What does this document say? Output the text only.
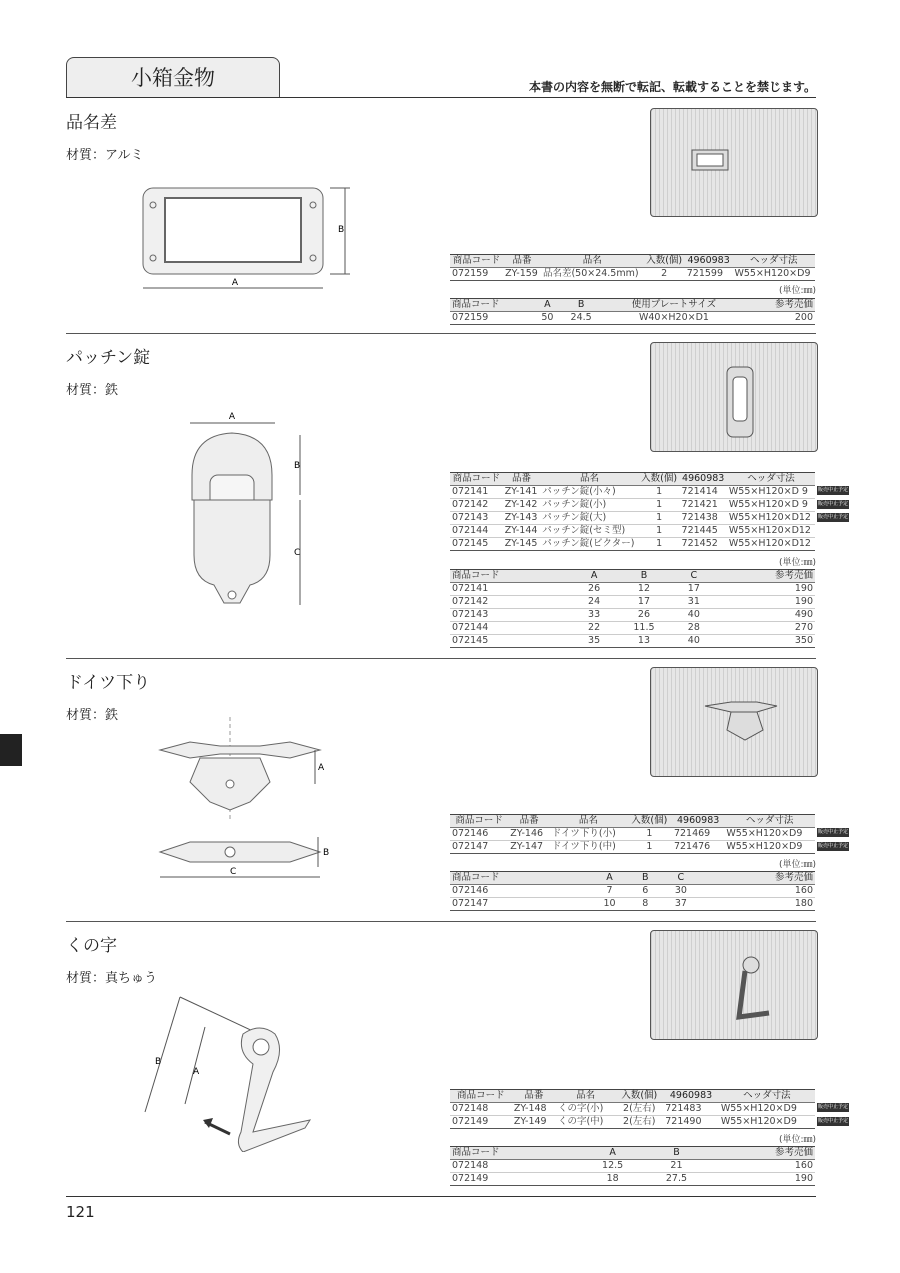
小箱金物	本書の内容を無断で転記、転載することを禁じます。
品名差
材質：アルミ
A
B
商品コード	品番	品名	入数(個)	4960983	ヘッダ寸法
072159	ZY-159	品名差(50×24.5mm)	2	721599	W55×H120×D9
(単位:㎜)
商品コード	A	B	使用プレートサイズ	参考売価
072159	50	24.5	W40×H20×D1	200
パッチン錠
材質：鉄
A
B
C
商品コード	品番	品名	入数(個)	4960983	ヘッダ寸法
072141	ZY-141	パッチン錠(小々)	1	721414	W55×H120×D 9
072142	ZY-142	パッチン錠(小)	1	721421	W55×H120×D 9
072143	ZY-143	パッチン錠(大)	1	721438	W55×H120×D12
072144	ZY-144	パッチン錠(セミ型)	1	721445	W55×H120×D12
072145	ZY-145	パッチン錠(ビクター)	1	721452	W55×H120×D12
販売中止予定
販売中止予定
販売中止予定
(単位:㎜)
商品コード	A	B	C	参考売価
072141	26	12	17	190
072142	24	17	31	190
072143	33	26	40	490
072144	22	11.5	28	270
072145	35	13	40	350
ドイツ下り
材質：鉄
A
B
C
商品コード	品番	品名	入数(個)	4960983	ヘッダ寸法
072146	ZY-146	ドイツ下り(小)	1	721469	W55×H120×D9
072147	ZY-147	ドイツ下り(中)	1	721476	W55×H120×D9
販売中止予定
販売中止予定
(単位:㎜)
商品コード	A	B	C	参考売価
072146	7	6	30	160
072147	10	8	37	180
くの字
材質：真ちゅう
B
A
商品コード	品番	品名	入数(個)	4960983	ヘッダ寸法
072148	ZY-148	くの字(小)	2(左右)	721483	W55×H120×D9
072149	ZY-149	くの字(中)	2(左右)	721490	W55×H120×D9
販売中止予定
販売中止予定
(単位:㎜)
商品コード	A	B	参考売価
072148	12.5	21	160
072149	18	27.5	190
121
